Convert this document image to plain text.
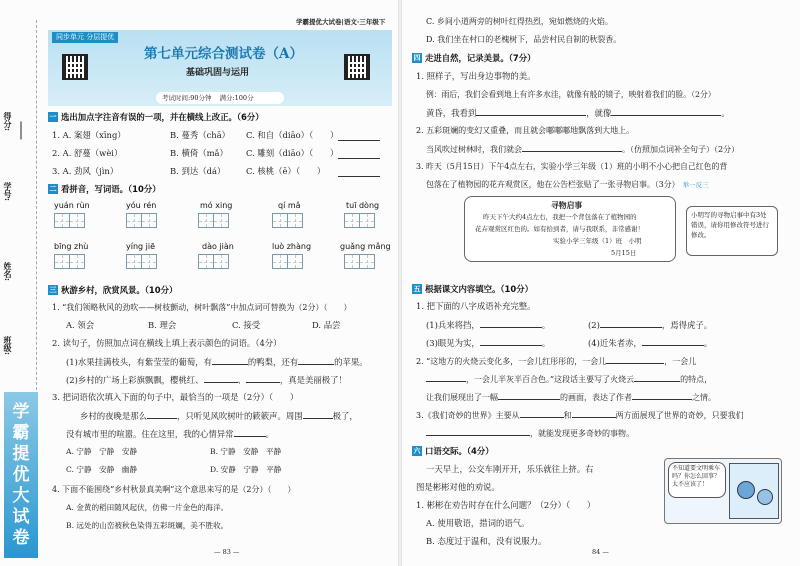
学霸提优大试卷
得分:
学号:
姓名:
班级:
同步单元 分层提优
第七单元综合测试卷（A）
基础巩固与运用
考试时间:90分钟 满分:100分
学霸提优大试卷|语文·三年级下
一 选出加点字注音有误的一项，并在横线上改正。（6分）
1. A. 案翅（xīng）	B. 蔓秀（chā） C. 和自（diāo）（　　）
2. A. 舒蔓（wèi）	B. 横倚（mǎ） C. 雕刻（diāo）（　　）
3. A. 劲风（jìn）	B. 到达（dá） C. 核桃（ē）（　　）
二 看拼音，写词语。（10分）
yuán rùn	yóu rén	mó xing	qí mǎ	tuī dòng
bīng zhù	yíng jiē	dào jiàn	luò zhàng	guǎng mǎng
三 秋游乡村，欣赏风景。（10分）
1. “我们领略秋风的劲吹——树枝颤动，树叶飘落”中加点词可替换为（2分）（　　）
A. 领会	B. 理会	C. 接受	D. 品尝
2. 读句子，仿照加点词在横线上填上表示颜色的词语。（4分）
(1)水果挂满枝头，有紫莹莹的葡萄，有	的鸭梨，还有	的苹果。
(2)乡村的广场上彩旗飘飘，樱桃红、	、	，真是美丽极了！
3. 把词语依次填入下面的句子中，最恰当的一项是（2分）（　　）
乡村的夜晚是那么	，只听见风吹树叶的簌簌声。周围	极了，
没有城市里的喧嚣。住在这里，我的心情异常	。
A. 宁静　宁静　安静	B. 宁静　安静　平静
C. 宁静　安静　幽静	D. 安静　宁静　平静
4. 下面不能围绕“乡村秋景真美啊”这个意思来写的是（2分）（　　）
A. 金黄的稻田随风起伏，仿佛一片金色的海洋。
B. 远处的山峦被秋色染得五彩斑斓，美不胜收。
— 83 —
C. 乡间小道两旁的树叶红得热烈，宛如燃烧的火焰。
D. 我们坐在村口的老槐树下，品尝村民自制的秋裂香。
四 走进自然，记录美景。（7分）
1. 照样子，写出身边事物的美。
例：雨后，我们会看到地上有许多水洼，就像有般的镜子，映射着我们的脸。（2分）
黄昏，我看到	，就像	。
2. 五彩斑斓的变幻又重叠，而且就会嘟嘟嘟地飘落到大地上。
当风吹过树林时，我们就会	。（仿照加点词补全句子）（2分）
3. 昨天（5月15日）下午4点左右，实验小学三年级（1）班的小明不小心把自己红色的背
包落在了植物园的花卉观赏区，他在公告栏张贴了一张寻物启事。（3分） 举一反三
寻物启事
昨天下午大约4点左右，我把一个背包落在了植物园的
花卉观赏区红色的。如有拾到者，请与我联系，非常感谢！
实验小学三年级（1）班　小明
5月15日
小明写的寻物启事中有3处错误，请你用修改符号进行修改。
五 根据课文内容填空。（10分）
1. 把下面的八字成语补充完整。
(1)兵来将挡，	。	(2)	，焉得虎子。
(3)眼见为实，	。	(4)近朱者赤，	。
2. “这地方的火烧云变化多，一会儿红彤彤的，一会儿	，一会儿
，一会儿半灰半百合色。”这段话主要写了火烧云	的特点，
让我们展现出了一幅	的画面，表达了作者	之情。
3.《我们奇妙的世界》主要从	和	两方面展现了世界的奇妙，只要我们
，就能发现更多奇妙的事物。
六 口语交际。（4分）
一天早上，公交车刚开开，乐乐就往上挤。右
图是彬彬对他的劝说。
1. 彬彬在劝告时存在什么问题？（2分）（　　）
A. 使用敬语，措词的语气。
B. 态度过于温和，没有说服力。
不知道要文明乘车吗？你怎么回事？太不应该了！
84 —
